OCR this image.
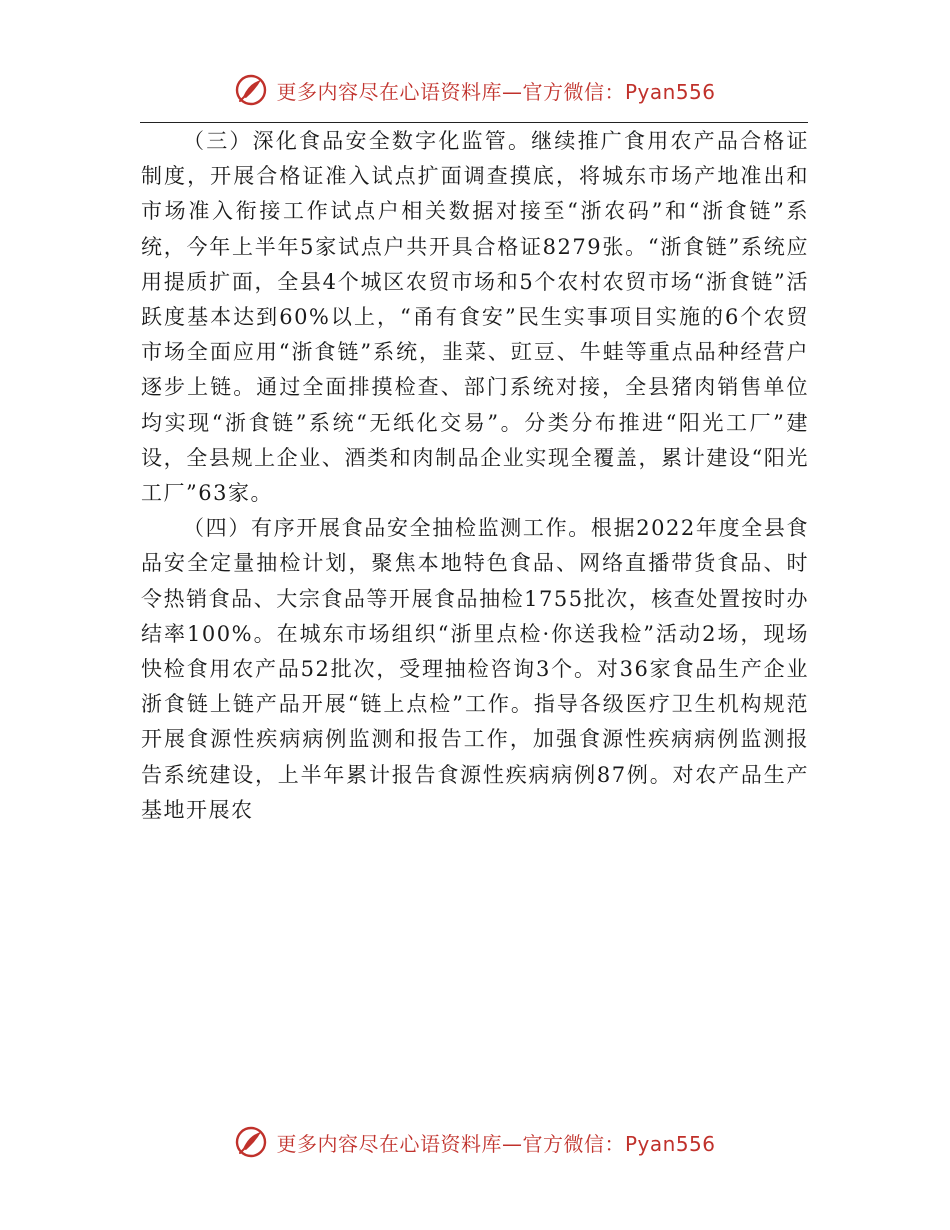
更多内容尽在心语资料库—官方微信：Pyan556

（三）深化食品安全数字化监管。继续推广食用农产品合格证制度，开展合格证准入试点扩面调查摸底，将城东市场产地准出和市场准入衔接工作试点户相关数据对接至“浙农码”和“浙食链”系统，今年上半年5家试点户共开具合格证8279张。“浙食链”系统应用提质扩面，全县4个城区农贸市场和5个农村农贸市场“浙食链”活跃度基本达到60%以上，“甬有食安”民生实事项目实施的6个农贸市场全面应用“浙食链”系统，韭菜、豇豆、牛蛙等重点品种经营户逐步上链。通过全面排摸检查、部门系统对接，全县猪肉销售单位均实现“浙食链”系统“无纸化交易”。分类分布推进“阳光工厂”建设，全县规上企业、酒类和肉制品企业实现全覆盖，累计建设“阳光工厂”63家。

（四）有序开展食品安全抽检监测工作。根据2022年度全县食品安全定量抽检计划，聚焦本地特色食品、网络直播带货食品、时令热销食品、大宗食品等开展食品抽检1755批次，核查处置按时办结率100%。在城东市场组织“浙里点检·你送我检”活动2场，现场快检食用农产品52批次，受理抽检咨询3个。对36家食品生产企业浙食链上链产品开展“链上点检”工作。指导各级医疗卫生机构规范开展食源性疾病病例监测和报告工作，加强食源性疾病病例监测报告系统建设，上半年累计报告食源性疾病病例87例。对农产品生产基地开展农

更多内容尽在心语资料库—官方微信：Pyan556
